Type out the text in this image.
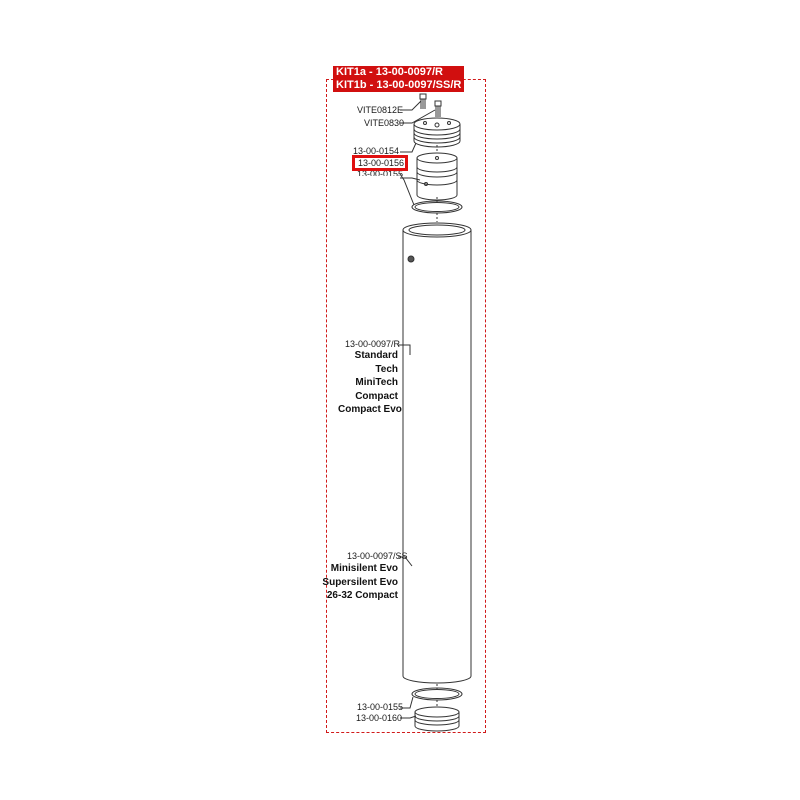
KIT1a - 13-00-0097/R
KIT1b - 13-00-0097/SS/R
VITE0812E
VITE0830
13-00-0154
13-00-0156
13-00-0155
13-00-0097/R
Standard
Tech
MiniTech
Compact
Compact Evo
13-00-0097/SS
Minisilent Evo
Supersilent Evo
26-32 Compact
13-00-0155
13-00-0160
